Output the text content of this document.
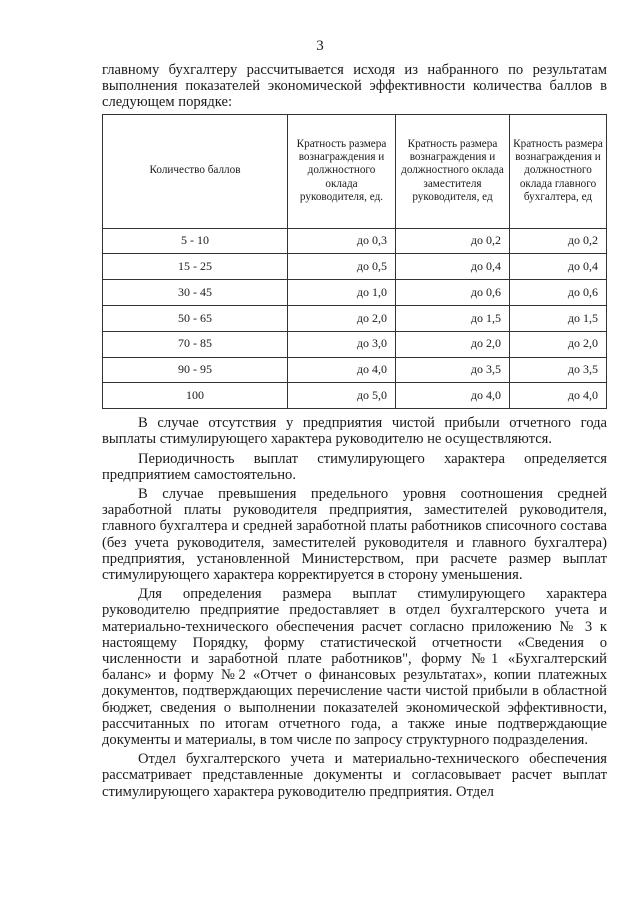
3

главному бухгалтеру рассчитывается исходя из набранного по результатам выполнения показателей экономической эффективности количества баллов в следующем порядке:

Количество баллов	Кратность размера вознаграждения и должностного оклада руководителя, ед.	Кратность размера вознаграждения и должностного оклада заместителя руководителя, ед	Кратность размера вознаграждения и должностного оклада главного бухгалтера, ед
5 - 10	до 0,3	до 0,2	до 0,2
15 - 25	до 0,5	до 0,4	до 0,4
30 - 45	до 1,0	до 0,6	до 0,6
50 - 65	до 2,0	до 1,5	до 1,5
70 - 85	до 3,0	до 2,0	до 2,0
90 - 95	до 4,0	до 3,5	до 3,5
100	до 5,0	до 4,0	до 4,0

В случае отсутствия у предприятия чистой прибыли отчетного года выплаты стимулирующего характера руководителю не осуществляются.

Периодичность выплат стимулирующего характера определяется предприятием самостоятельно.

В случае превышения предельного уровня соотношения средней заработной платы руководителя предприятия, заместителей руководителя, главного бухгалтера и средней заработной платы работников списочного состава (без учета руководителя, заместителей руководителя и главного бухгалтера) предприятия, установленной Министерством, при расчете размер выплат стимулирующего характера корректируется в сторону уменьшения.

Для определения размера выплат стимулирующего характера руководителю предприятие предоставляет в отдел бухгалтерского учета и материально-технического обеспечения расчет согласно приложению № 3 к настоящему Порядку, форму статистической отчетности «Сведения о численности и заработной плате работников", форму №1 «Бухгалтерский баланс» и форму №2 «Отчет о финансовых результатах», копии платежных документов, подтверждающих перечисление части чистой прибыли в областной бюджет, сведения о выполнении показателей экономической эффективности, рассчитанных по итогам отчетного года, а также иные подтверждающие документы и материалы, в том числе по запросу структурного подразделения.

Отдел бухгалтерского учета и материально-технического обеспечения рассматривает представленные документы и согласовывает расчет выплат стимулирующего характера руководителю предприятия. Отдел
